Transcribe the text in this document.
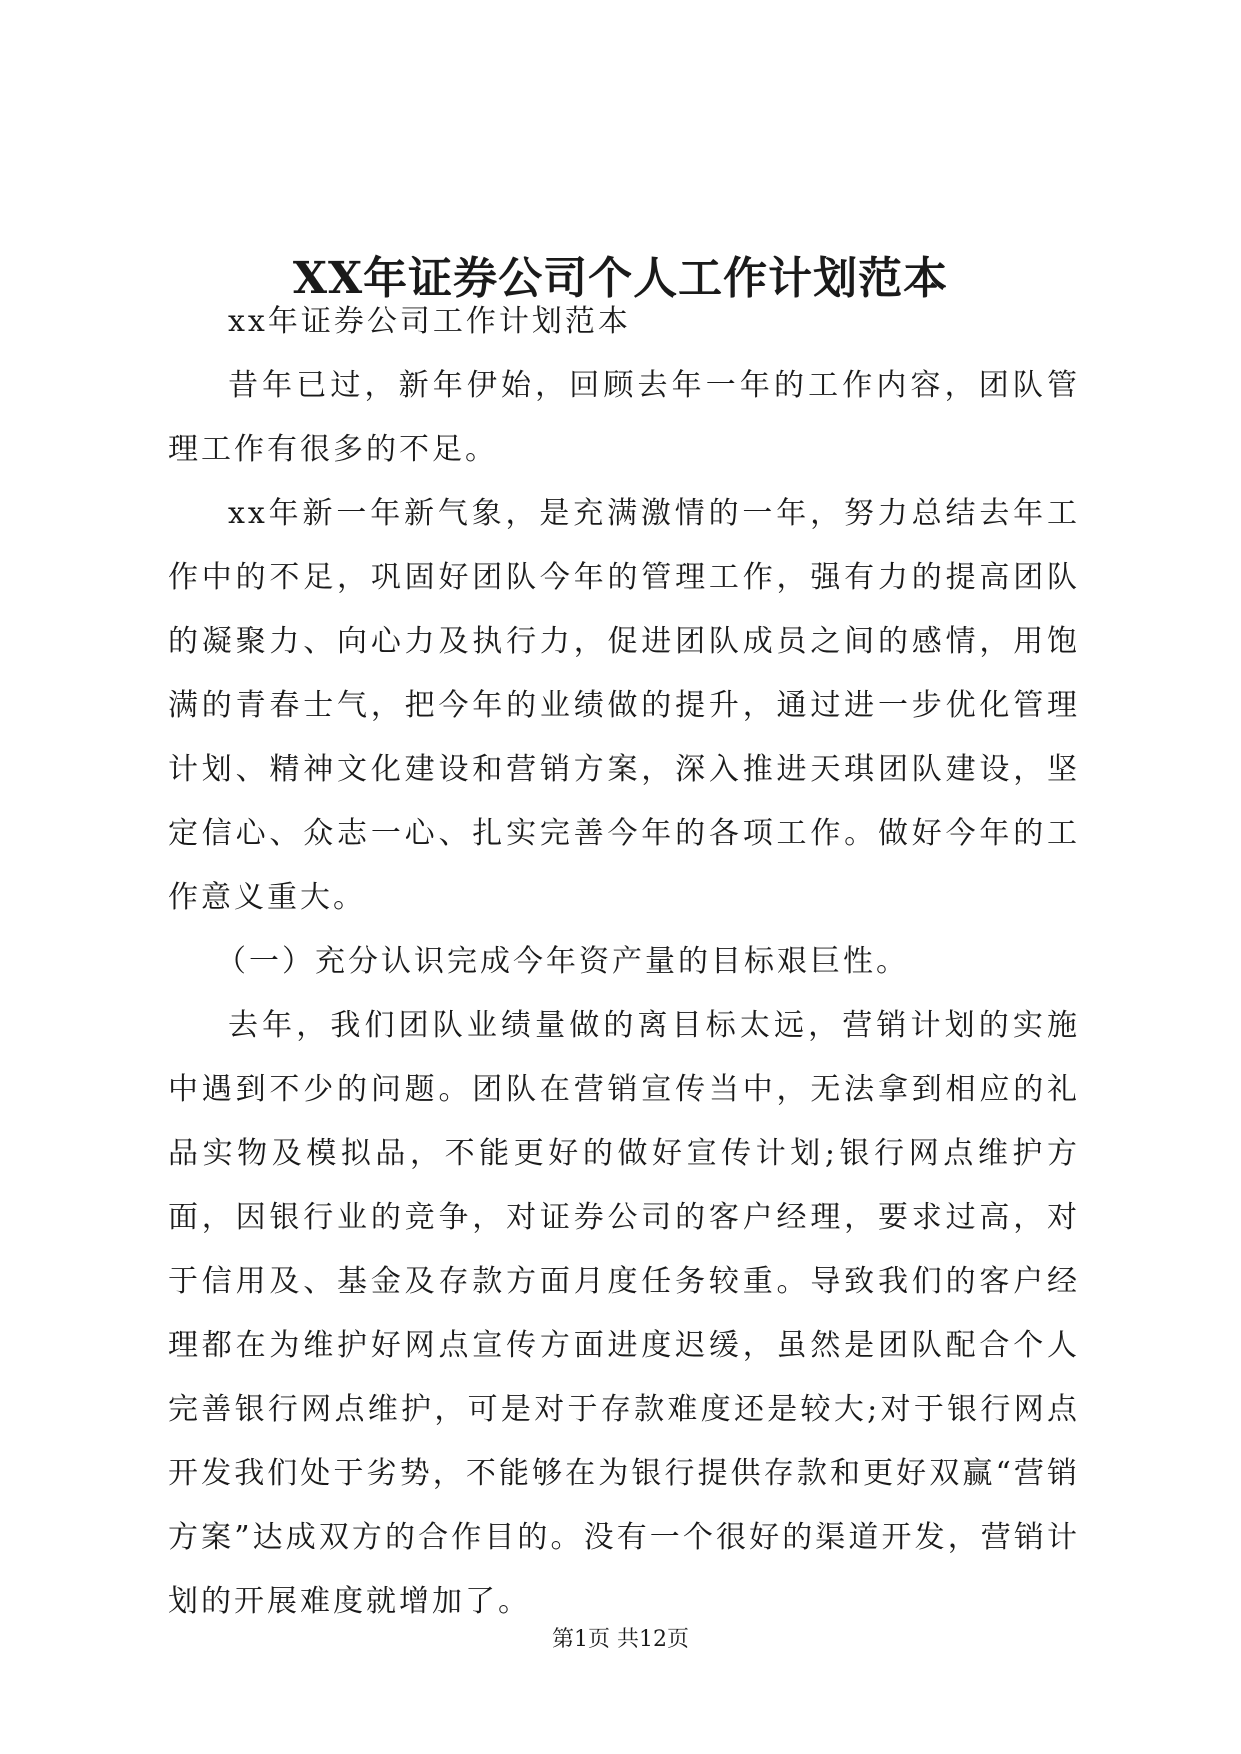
XX年证券公司个人工作计划范本

xx年证券公司工作计划范本

昔年已过，新年伊始，回顾去年一年的工作内容，团队管理工作有很多的不足。

xx年新一年新气象，是充满激情的一年，努力总结去年工作中的不足，巩固好团队今年的管理工作，强有力的提高团队的凝聚力、向心力及执行力，促进团队成员之间的感情，用饱满的青春士气，把今年的业绩做的提升，通过进一步优化管理计划、精神文化建设和营销方案，深入推进天琪团队建设，坚定信心、众志一心、扎实完善今年的各项工作。做好今年的工作意义重大。

（一）充分认识完成今年资产量的目标艰巨性。

去年，我们团队业绩量做的离目标太远，营销计划的实施中遇到不少的问题。团队在营销宣传当中，无法拿到相应的礼品实物及模拟品，不能更好的做好宣传计划;银行网点维护方面，因银行业的竞争，对证券公司的客户经理，要求过高，对于信用及、基金及存款方面月度任务较重。导致我们的客户经理都在为维护好网点宣传方面进度迟缓，虽然是团队配合个人完善银行网点维护，可是对于存款难度还是较大;对于银行网点开发我们处于劣势，不能够在为银行提供存款和更好双赢“营销方案”达成双方的合作目的。没有一个很好的渠道开发，营销计划的开展难度就增加了。

第1页 共12页
